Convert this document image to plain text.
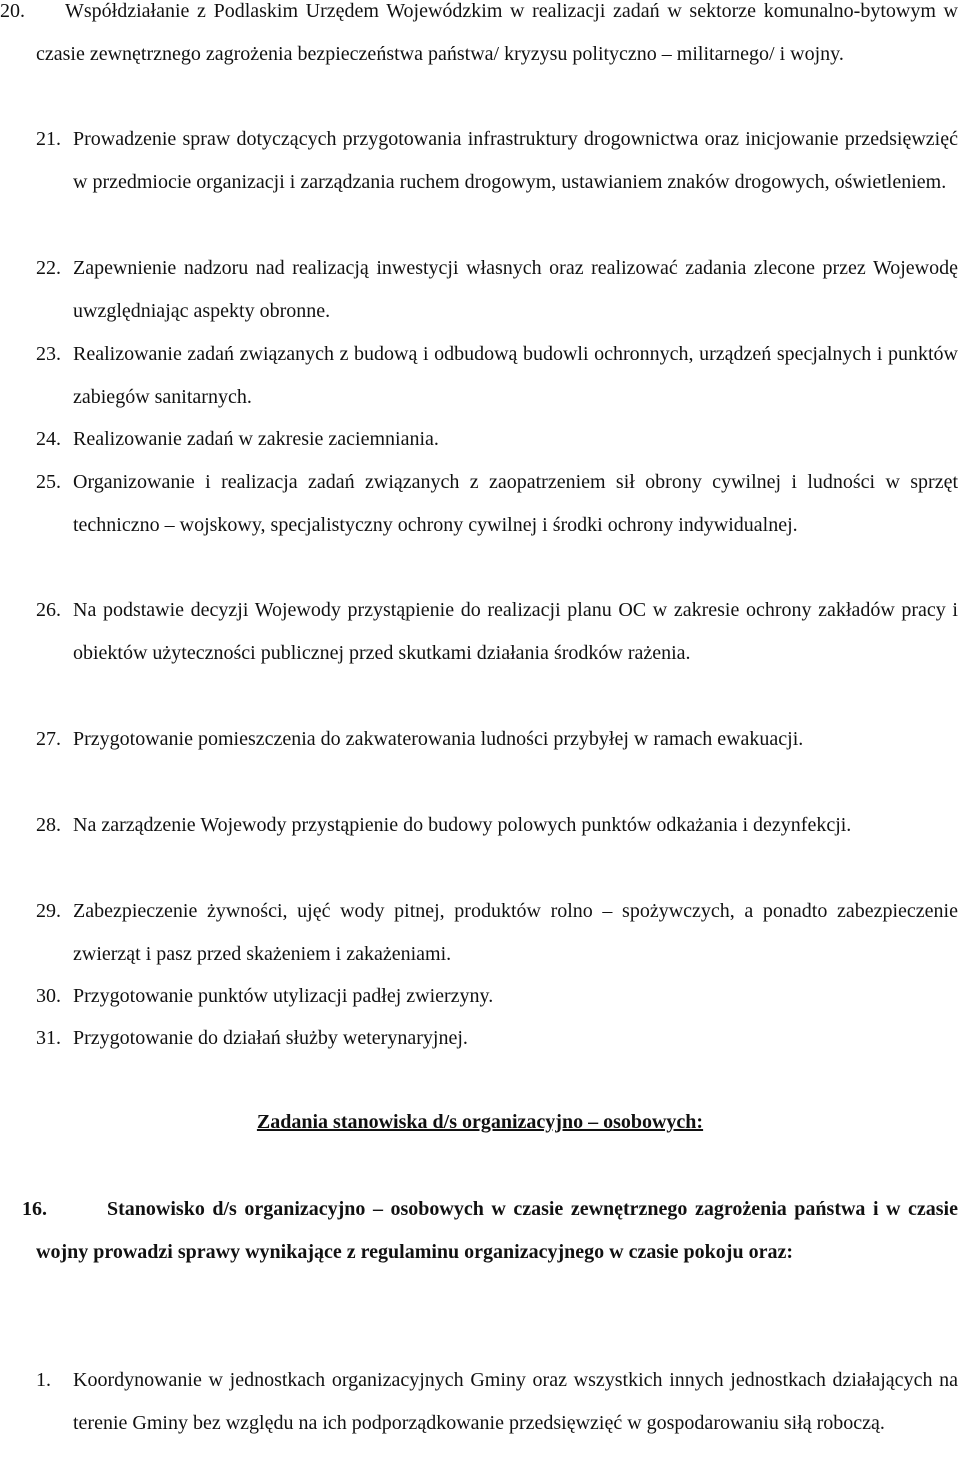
20.	Współdziałanie z Podlaskim Urzędem Wojewódzkim w realizacji zadań w sektorze komunalno-bytowym w czasie zewnętrznego zagrożenia bezpieczeństwa państwa/ kryzysu polityczno – militarnego/ i wojny.
21. Prowadzenie spraw dotyczących przygotowania infrastruktury drogownictwa oraz inicjowanie przedsięwzięć w przedmiocie organizacji i zarządzania ruchem drogowym, ustawianiem znaków drogowych, oświetleniem.
22. Zapewnienie nadzoru nad realizacją inwestycji własnych oraz realizować zadania zlecone przez Wojewodę uwzględniając aspekty obronne.
23. Realizowanie zadań związanych z budową i odbudową budowli ochronnych, urządzeń specjalnych i punktów zabiegów sanitarnych.
24. Realizowanie zadań w zakresie zaciemniania.
25. Organizowanie i realizacja zadań związanych z zaopatrzeniem sił obrony cywilnej i ludności w sprzęt techniczno – wojskowy, specjalistyczny ochrony cywilnej i środki ochrony indywidualnej.
26. Na podstawie decyzji Wojewody przystąpienie do realizacji planu OC w zakresie ochrony zakładów pracy i obiektów użyteczności publicznej przed skutkami działania środków rażenia.
27. Przygotowanie pomieszczenia do zakwaterowania ludności przybyłej w ramach ewakuacji.
28. Na zarządzenie Wojewody przystąpienie do budowy polowych punktów odkażania i dezynfekcji.
29. Zabezpieczenie żywności, ujęć wody pitnej, produktów rolno – spożywczych, a ponadto zabezpieczenie zwierząt i pasz przed skażeniem i zakażeniami.
30. Przygotowanie punktów utylizacji padłej zwierzyny.
31. Przygotowanie do działań służby weterynaryjnej.
Zadania stanowiska d/s organizacyjno – osobowych:
16.	Stanowisko d/s organizacyjno – osobowych w czasie zewnętrznego zagrożenia państwa i w czasie wojny prowadzi sprawy wynikające z regulaminu organizacyjnego w czasie pokoju oraz:
1. Koordynowanie w jednostkach organizacyjnych Gminy oraz wszystkich innych jednostkach działających na terenie Gminy bez względu na ich podporządkowanie przedsięwzięć w gospodarowaniu siłą roboczą.
